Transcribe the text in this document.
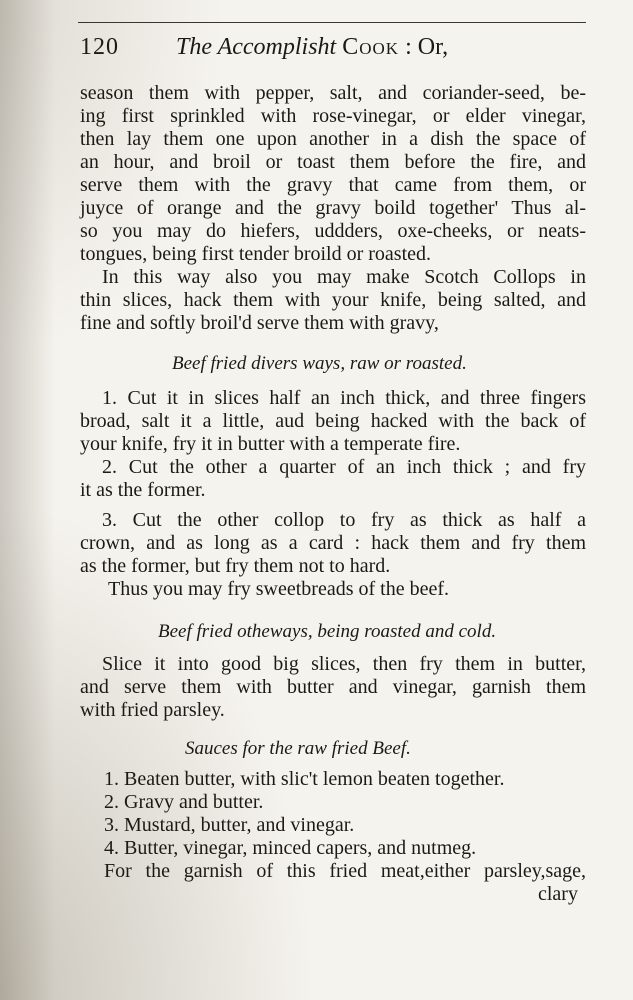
120 The Accomplisht Cook : Or,
season them with pepper, salt, and coriander-seed, be-
ing first sprinkled with rose-vinegar, or elder vinegar,
then lay them one upon another in a dish the space of
an hour, and broil or toast them before the fire, and
serve them with the gravy that came from them, or
juyce of orange and the gravy boild together' Thus al-
so you may do hiefers, uddders, oxe-cheeks, or neats-
tongues, being first tender broild or roasted.
In this way also you may make Scotch Collops in
thin slices, hack them with your knife, being salted, and
fine and softly broil'd serve them with gravy,
Beef fried divers ways, raw or roasted.
1. Cut it in slices half an inch thick, and three fingers
broad, salt it a little, aud being hacked with the back of
your knife, fry it in butter with a temperate fire.
2. Cut the other a quarter of an inch thick ; and fry
it as the former.
3. Cut the other collop to fry as thick as half a
crown, and as long as a card : hack them and fry them
as the former, but fry them not to hard.
Thus you may fry sweetbreads of the beef.
Beef fried otheways, being roasted and cold.
Slice it into good big slices, then fry them in butter,
and serve them with butter and vinegar, garnish them
with fried parsley.
Sauces for the raw fried Beef.
1. Beaten butter, with slic't lemon beaten together.
2. Gravy and butter.
3. Mustard, butter, and vinegar.
4. Butter, vinegar, minced capers, and nutmeg.
For the garnish of this fried meat,either parsley,sage,
clary
